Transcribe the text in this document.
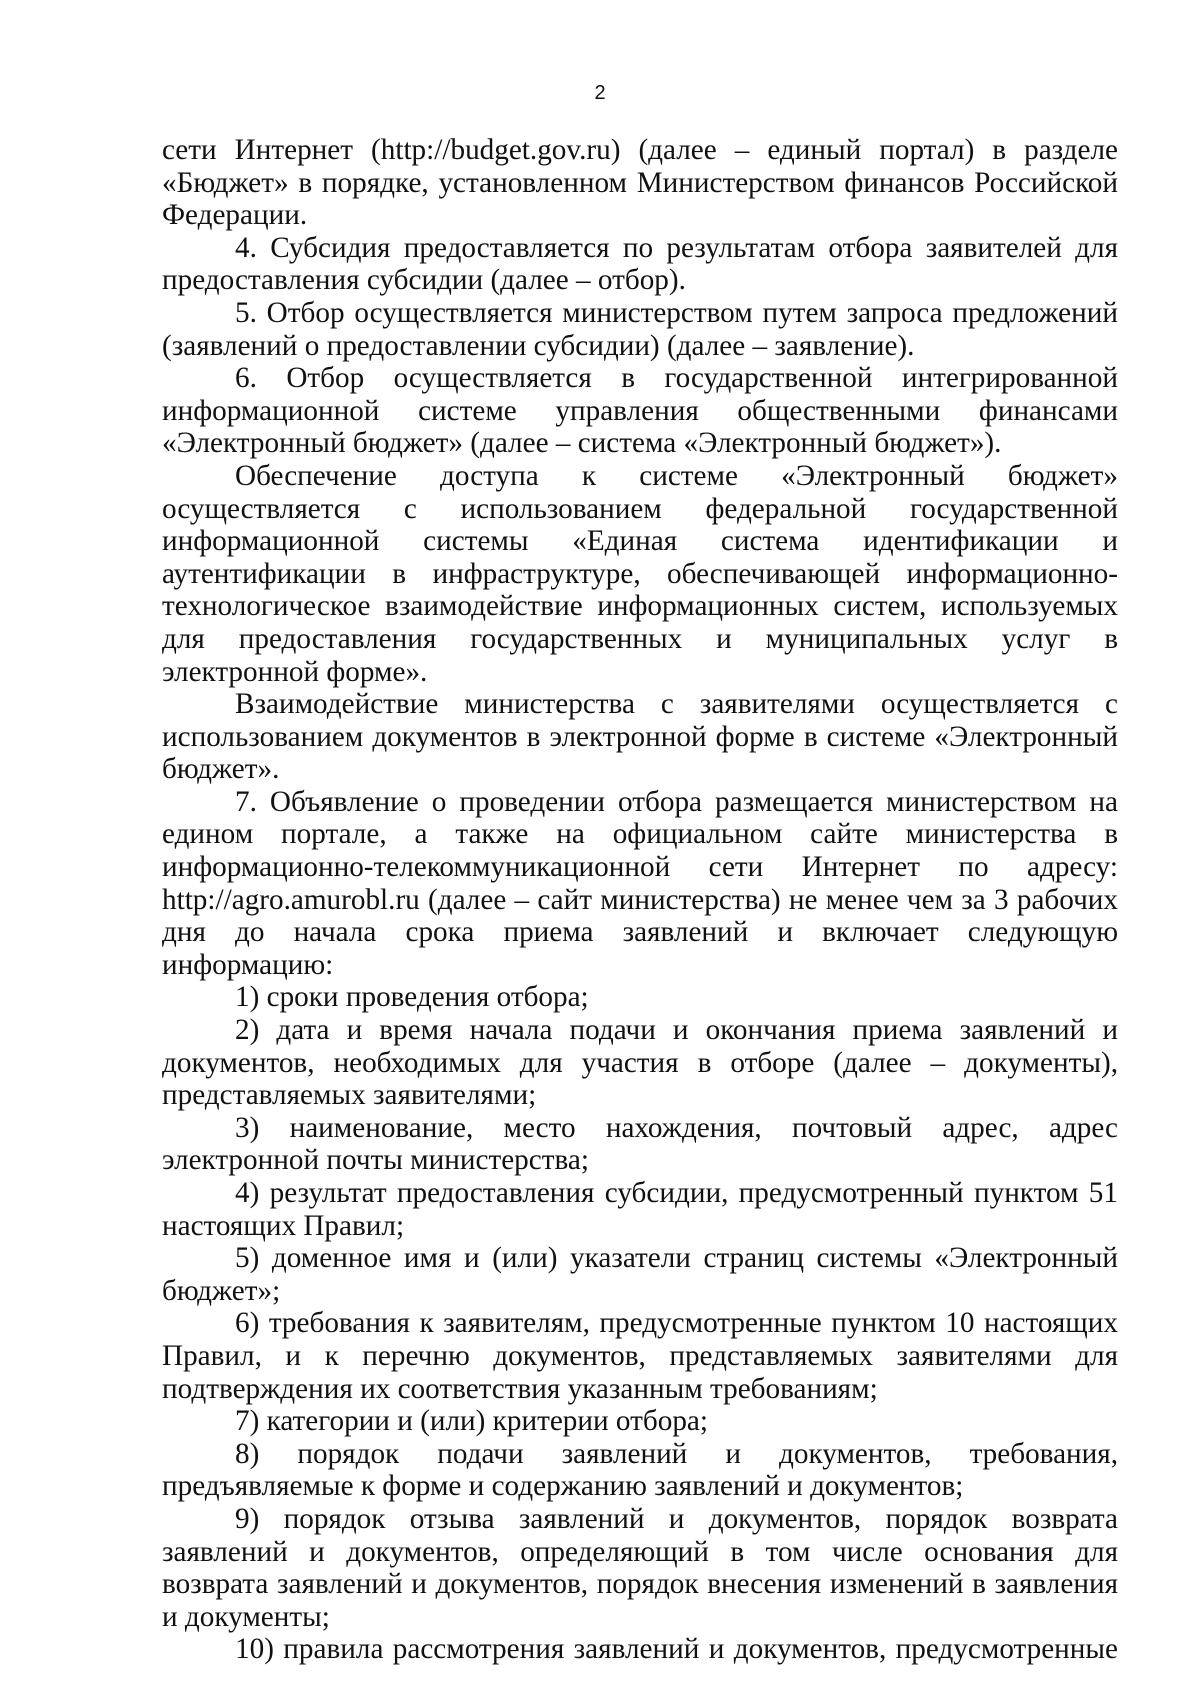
2

сети Интернет (http://budget.gov.ru) (далее – единый портал) в разделе «Бюджет» в порядке, установленном Министерством финансов Российской Федерации.

4. Субсидия предоставляется по результатам отбора заявителей для предоставления субсидии (далее – отбор).

5. Отбор осуществляется министерством путем запроса предложений (заявлений о предоставлении субсидии) (далее – заявление).

6. Отбор осуществляется в государственной интегрированной информационной системе управления общественными финансами «Электронный бюджет» (далее – система «Электронный бюджет»).

Обеспечение доступа к системе «Электронный бюджет» осуществляется с использованием федеральной государственной информационной системы «Единая система идентификации и аутентификации в инфраструктуре, обеспечивающей информационно-технологическое взаимодействие информационных систем, используемых для предоставления государственных и муниципальных услуг в электронной форме».

Взаимодействие министерства с заявителями осуществляется с использованием документов в электронной форме в системе «Электронный бюджет».

7. Объявление о проведении отбора размещается министерством на едином портале, а также на официальном сайте министерства в информационно-телекоммуникационной сети Интернет по адресу: http://agro.amurobl.ru (далее – сайт министерства) не менее чем за 3 рабочих дня до начала срока приема заявлений и включает следующую информацию:

1) сроки проведения отбора;

2) дата и время начала подачи и окончания приема заявлений и документов, необходимых для участия в отборе (далее – документы), представляемых заявителями;

3) наименование, место нахождения, почтовый адрес, адрес электронной почты министерства;

4) результат предоставления субсидии, предусмотренный пунктом 51 настоящих Правил;

5) доменное имя и (или) указатели страниц системы «Электронный бюджет»;

6) требования к заявителям, предусмотренные пунктом 10 настоящих Правил, и к перечню документов, представляемых заявителями для подтверждения их соответствия указанным требованиям;

7) категории и (или) критерии отбора;

8) порядок подачи заявлений и документов, требования, предъявляемые к форме и содержанию заявлений и документов;

9) порядок отзыва заявлений и документов, порядок возврата заявлений и документов, определяющий в том числе основания для возврата заявлений и документов, порядок внесения изменений в заявления и документы;

10) правила рассмотрения заявлений и документов, предусмотренные
